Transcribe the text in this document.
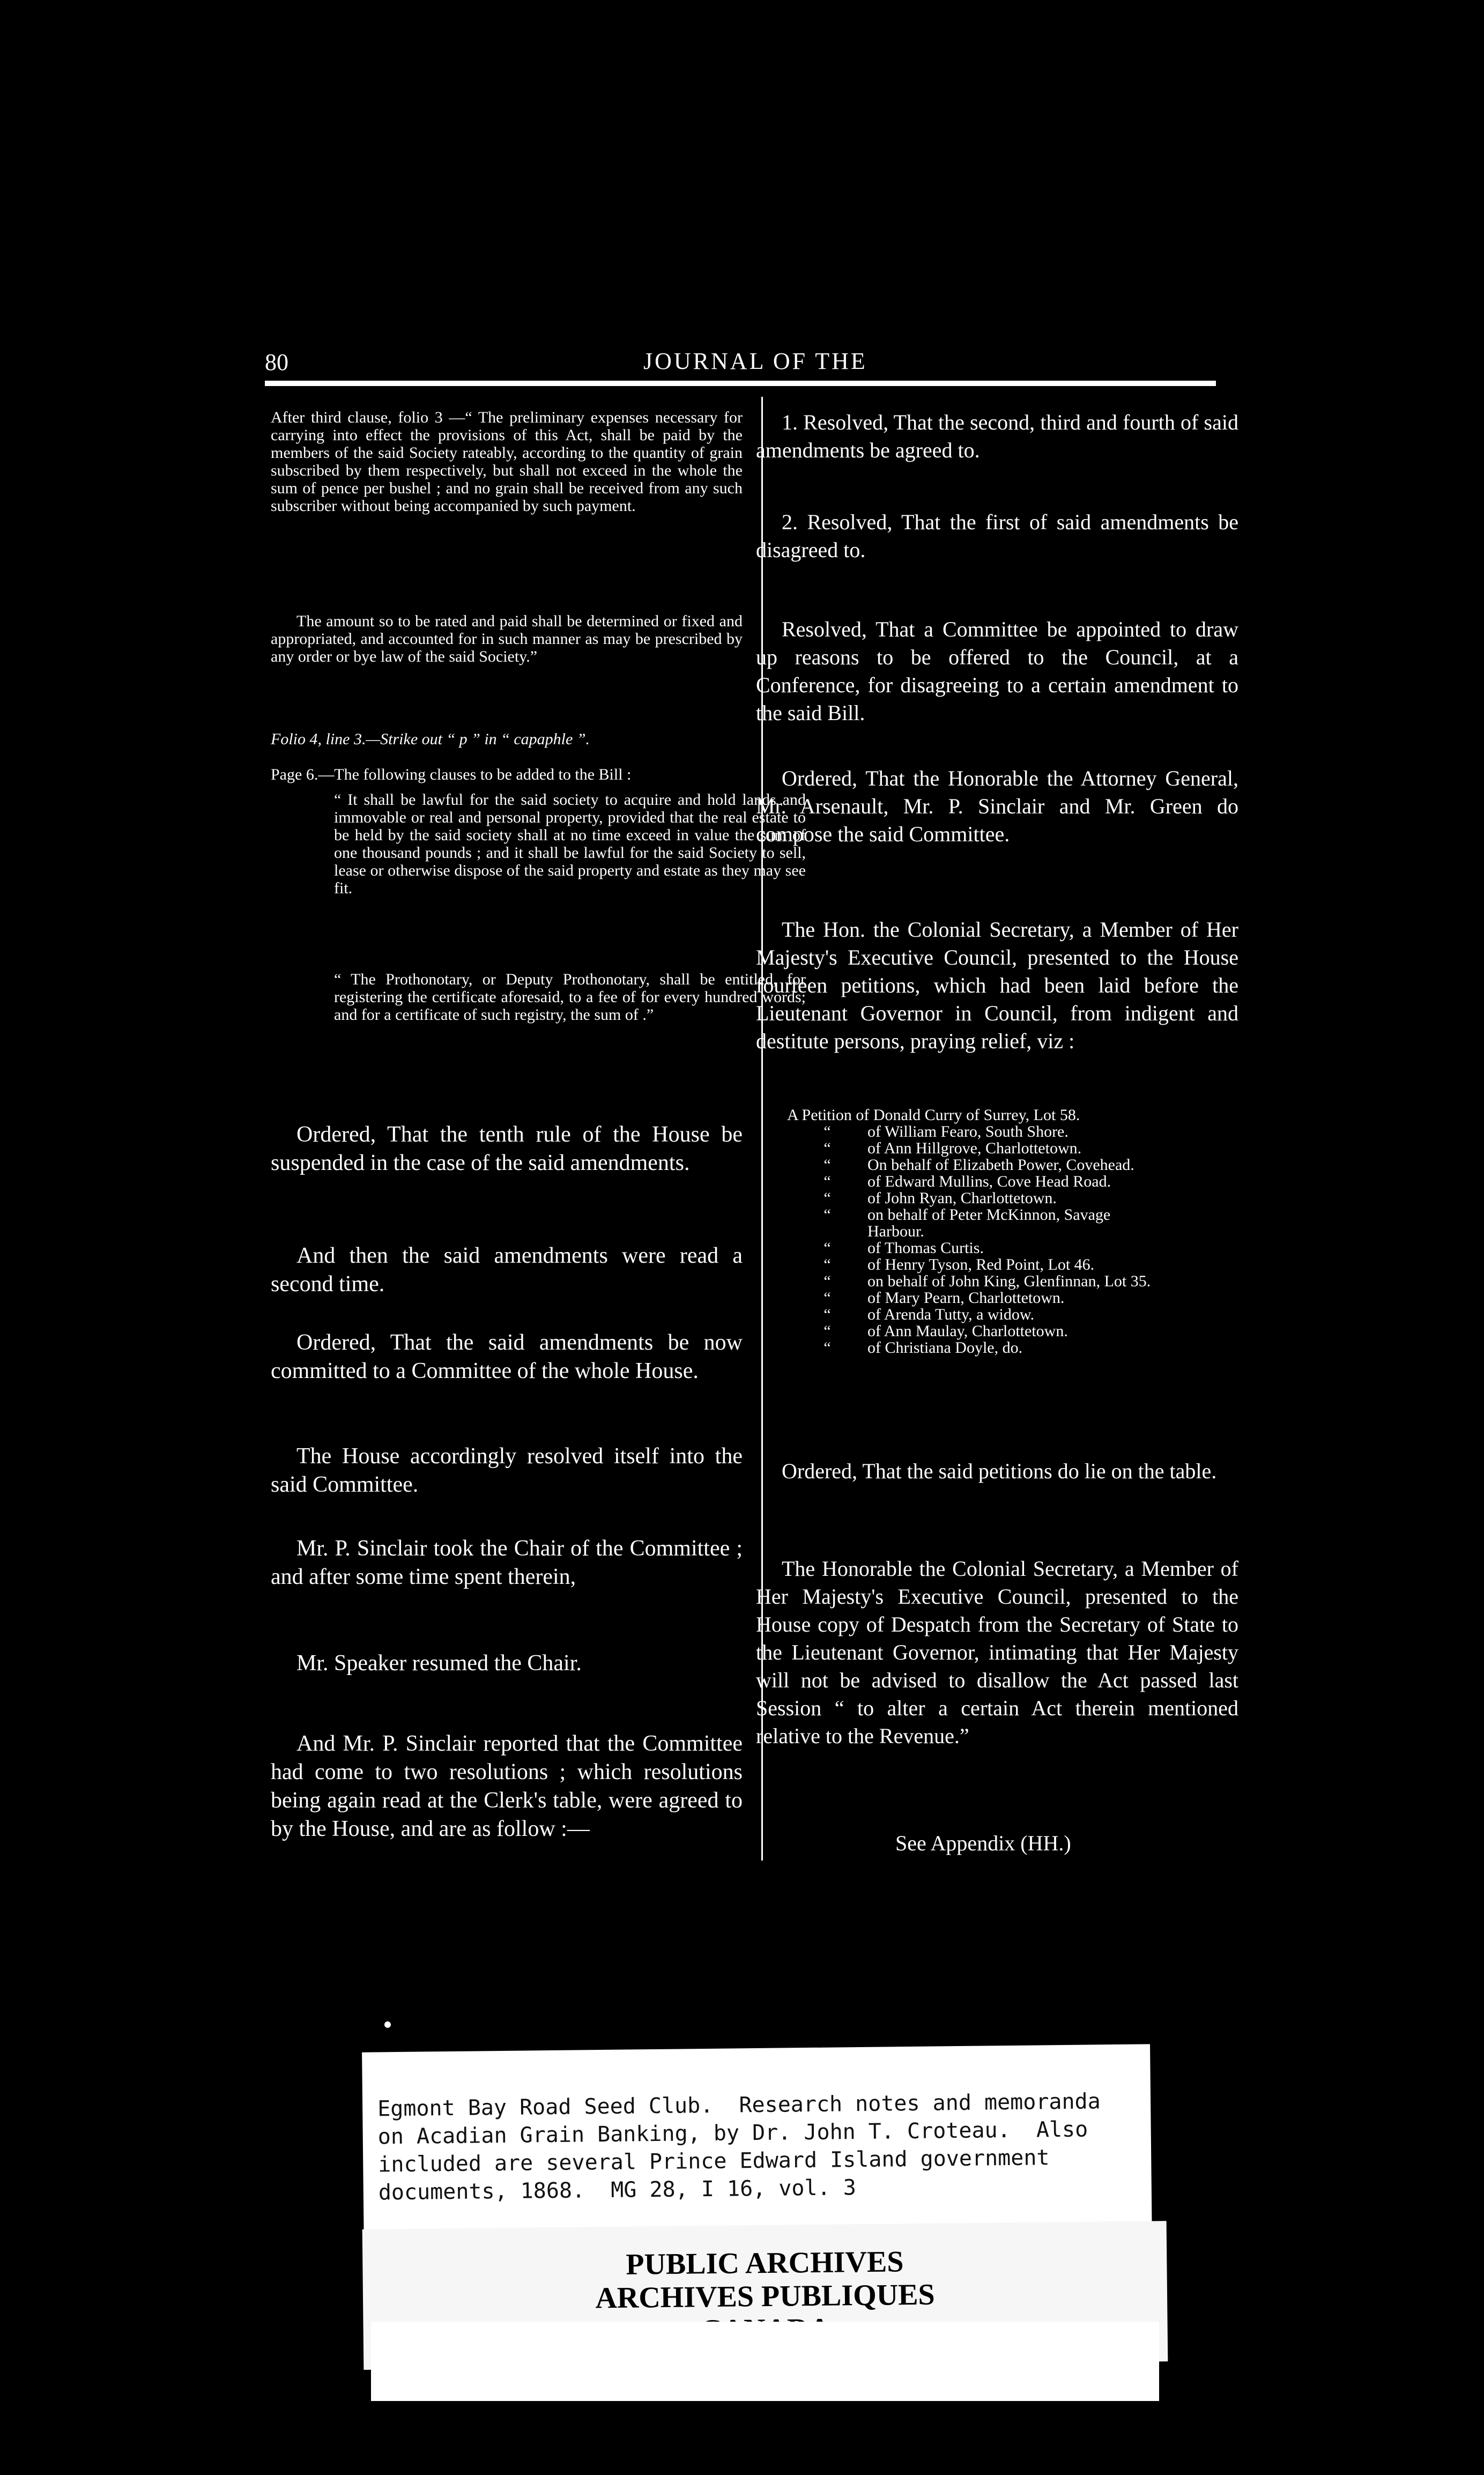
80	JOURNAL OF THE
After third clause, folio 3 —“ The preliminary expenses necessary for carrying into effect the provisions of this Act, shall be paid by the members of the said Society rateably, according to the quantity of grain subscribed by them respectively, but shall not exceed in the whole the sum of pence per bushel ; and no grain shall be received from any such subscriber without being accompanied by such payment.
The amount so to be rated and paid shall be determined or fixed and appropriated, and accounted for in such manner as may be prescribed by any order or bye law of the said Society.”
Folio 4, line 3.—Strike out “ p ” in “ capaphle ”.
Page 6.—The following clauses to be added to the Bill :
“ It shall be lawful for the said society to acquire and hold lands and immovable or real and personal property, provided that the real estate to be held by the said society shall at no time exceed in value the sum of one thousand pounds ; and it shall be lawful for the said Society to sell, lease or otherwise dispose of the said property and estate as they may see fit.
“ The Prothonotary, or Deputy Prothonotary, shall be entitled, for registering the certificate aforesaid, to a fee of for every hundred words; and for a certificate of such registry, the sum of .”
Ordered, That the tenth rule of the House be suspended in the case of the said amendments.
And then the said amendments were read a second time.
Ordered, That the said amendments be now committed to a Committee of the whole House.
The House accordingly resolved itself into the said Committee.
Mr. P. Sinclair took the Chair of the Committee ; and after some time spent therein,
Mr. Speaker resumed the Chair.
And Mr. P. Sinclair reported that the Committee had come to two resolutions ; which resolutions being again read at the Clerk's table, were agreed to by the House, and are as follow :—
1. Resolved, That the second, third and fourth of said amendments be agreed to.
2. Resolved, That the first of said amendments be disagreed to.
Resolved, That a Committee be appointed to draw up reasons to be offered to the Council, at a Conference, for disagreeing to a certain amendment to the said Bill.
Ordered, That the Honorable the Attorney General, Mr. Arsenault, Mr. P. Sinclair and Mr. Green do compose the said Committee.
The Hon. the Colonial Secretary, a Member of Her Majesty's Executive Council, presented to the House fourteen petitions, which had been laid before the Lieutenant Governor in Council, from indigent and destitute persons, praying relief, viz :
A Petition of Donald Curry of Surrey, Lot 58.
“	of William Fearo, South Shore.
“	of Ann Hillgrove, Charlottetown.
“	On behalf of Elizabeth Power, Covehead.
“	of Edward Mullins, Cove Head Road.
“	of John Ryan, Charlottetown.
“	on behalf of Peter McKinnon, Savage
Harbour.
“	of Thomas Curtis.
“	of Henry Tyson, Red Point, Lot 46.
“	on behalf of John King, Glenfinnan, Lot 35.
“	of Mary Pearn, Charlottetown.
“	of Arenda Tutty, a widow.
“	of Ann Maulay, Charlottetown.
“	of Christiana Doyle, do.
Ordered, That the said petitions do lie on the table.
The Honorable the Colonial Secretary, a Member of Her Majesty's Executive Council, presented to the House copy of Despatch from the Secretary of State to the Lieutenant Governor, intimating that Her Majesty will not be advised to disallow the Act passed last Session “ to alter a certain Act therein mentioned relative to the Revenue.”
See Appendix (HH.)
Egmont Bay Road Seed Club.  Research notes and memoranda
on Acadian Grain Banking, by Dr. John T. Croteau.  Also
included are several Prince Edward Island government
documents, 1868.  MG 28, I 16, vol. 3
PUBLIC ARCHIVES
ARCHIVES PUBLIQUES
